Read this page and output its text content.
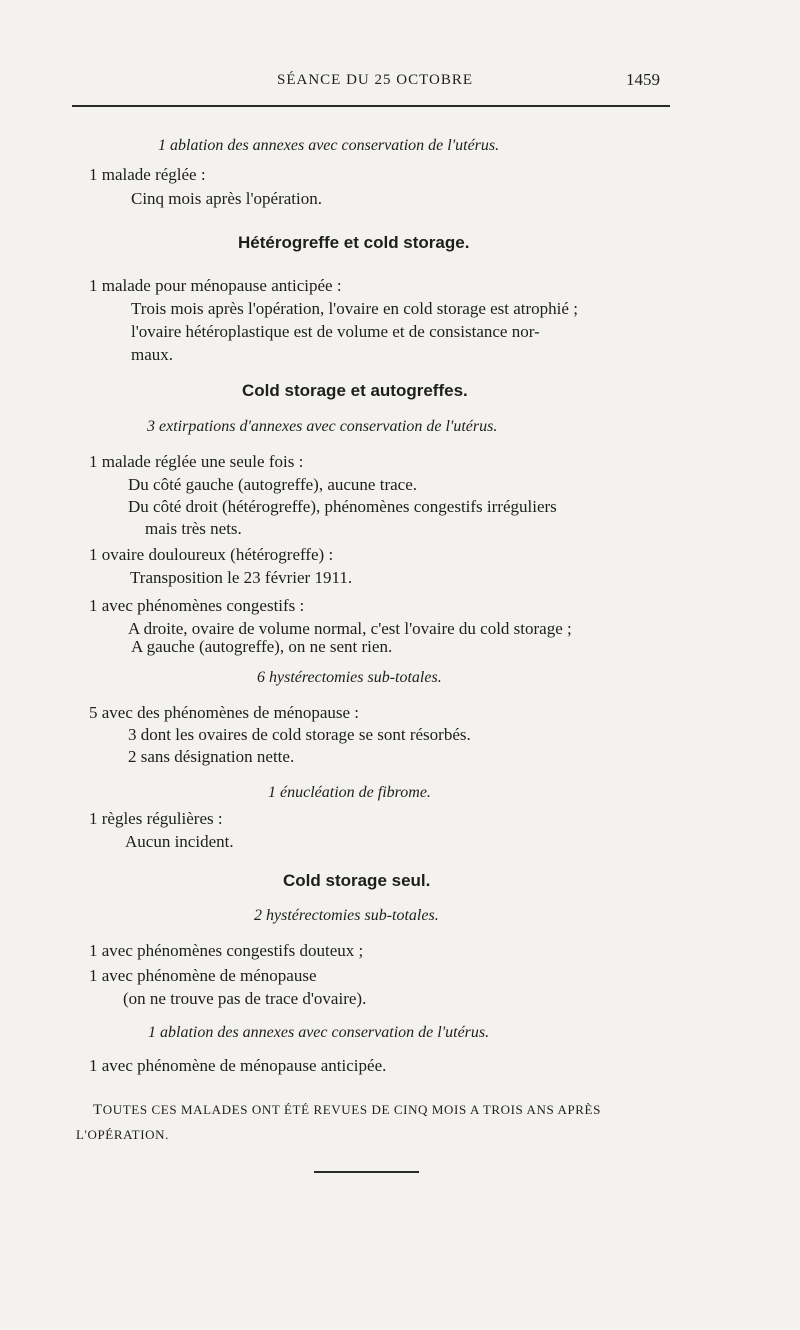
SÉANCE DU 25 OCTOBRE	1459
1 ablation des annexes avec conservation de l'utérus.
1 malade réglée :
Cinq mois après l'opération.
Hétérogreffe et cold storage.
1 malade pour ménopause anticipée :
Trois mois après l'opération, l'ovaire en cold storage est atrophié ;
l'ovaire hétéroplastique est de volume et de consistance nor-
maux.
Cold storage et autogreffes.
3 extirpations d'annexes avec conservation de l'utérus.
1 malade réglée une seule fois :
Du côté gauche (autogreffe), aucune trace.
Du côté droit (hétérogreffe), phénomènes congestifs irréguliers
mais très nets.
1 ovaire douloureux (hétérogreffe) :
Transposition le 23 février 1911.
1 avec phénomènes congestifs :
A droite, ovaire de volume normal, c'est l'ovaire du cold storage ;
A gauche (autogreffe), on ne sent rien.
6 hystérectomies sub-totales.
5 avec des phénomènes de ménopause :
3 dont les ovaires de cold storage se sont résorbés.
2 sans désignation nette.
1 énucléation de fibrome.
1 règles régulières :
Aucun incident.
Cold storage seul.
2 hystérectomies sub-totales.
1 avec phénomènes congestifs douteux ;
1 avec phénomène de ménopause
(on ne trouve pas de trace d'ovaire).
1 ablation des annexes avec conservation de l'utérus.
1 avec phénomène de ménopause anticipée.
TOUTES CES MALADES ONT ÉTÉ REVUES DE CINQ MOIS A TROIS ANS APRÈS
L'OPÉRATION.
